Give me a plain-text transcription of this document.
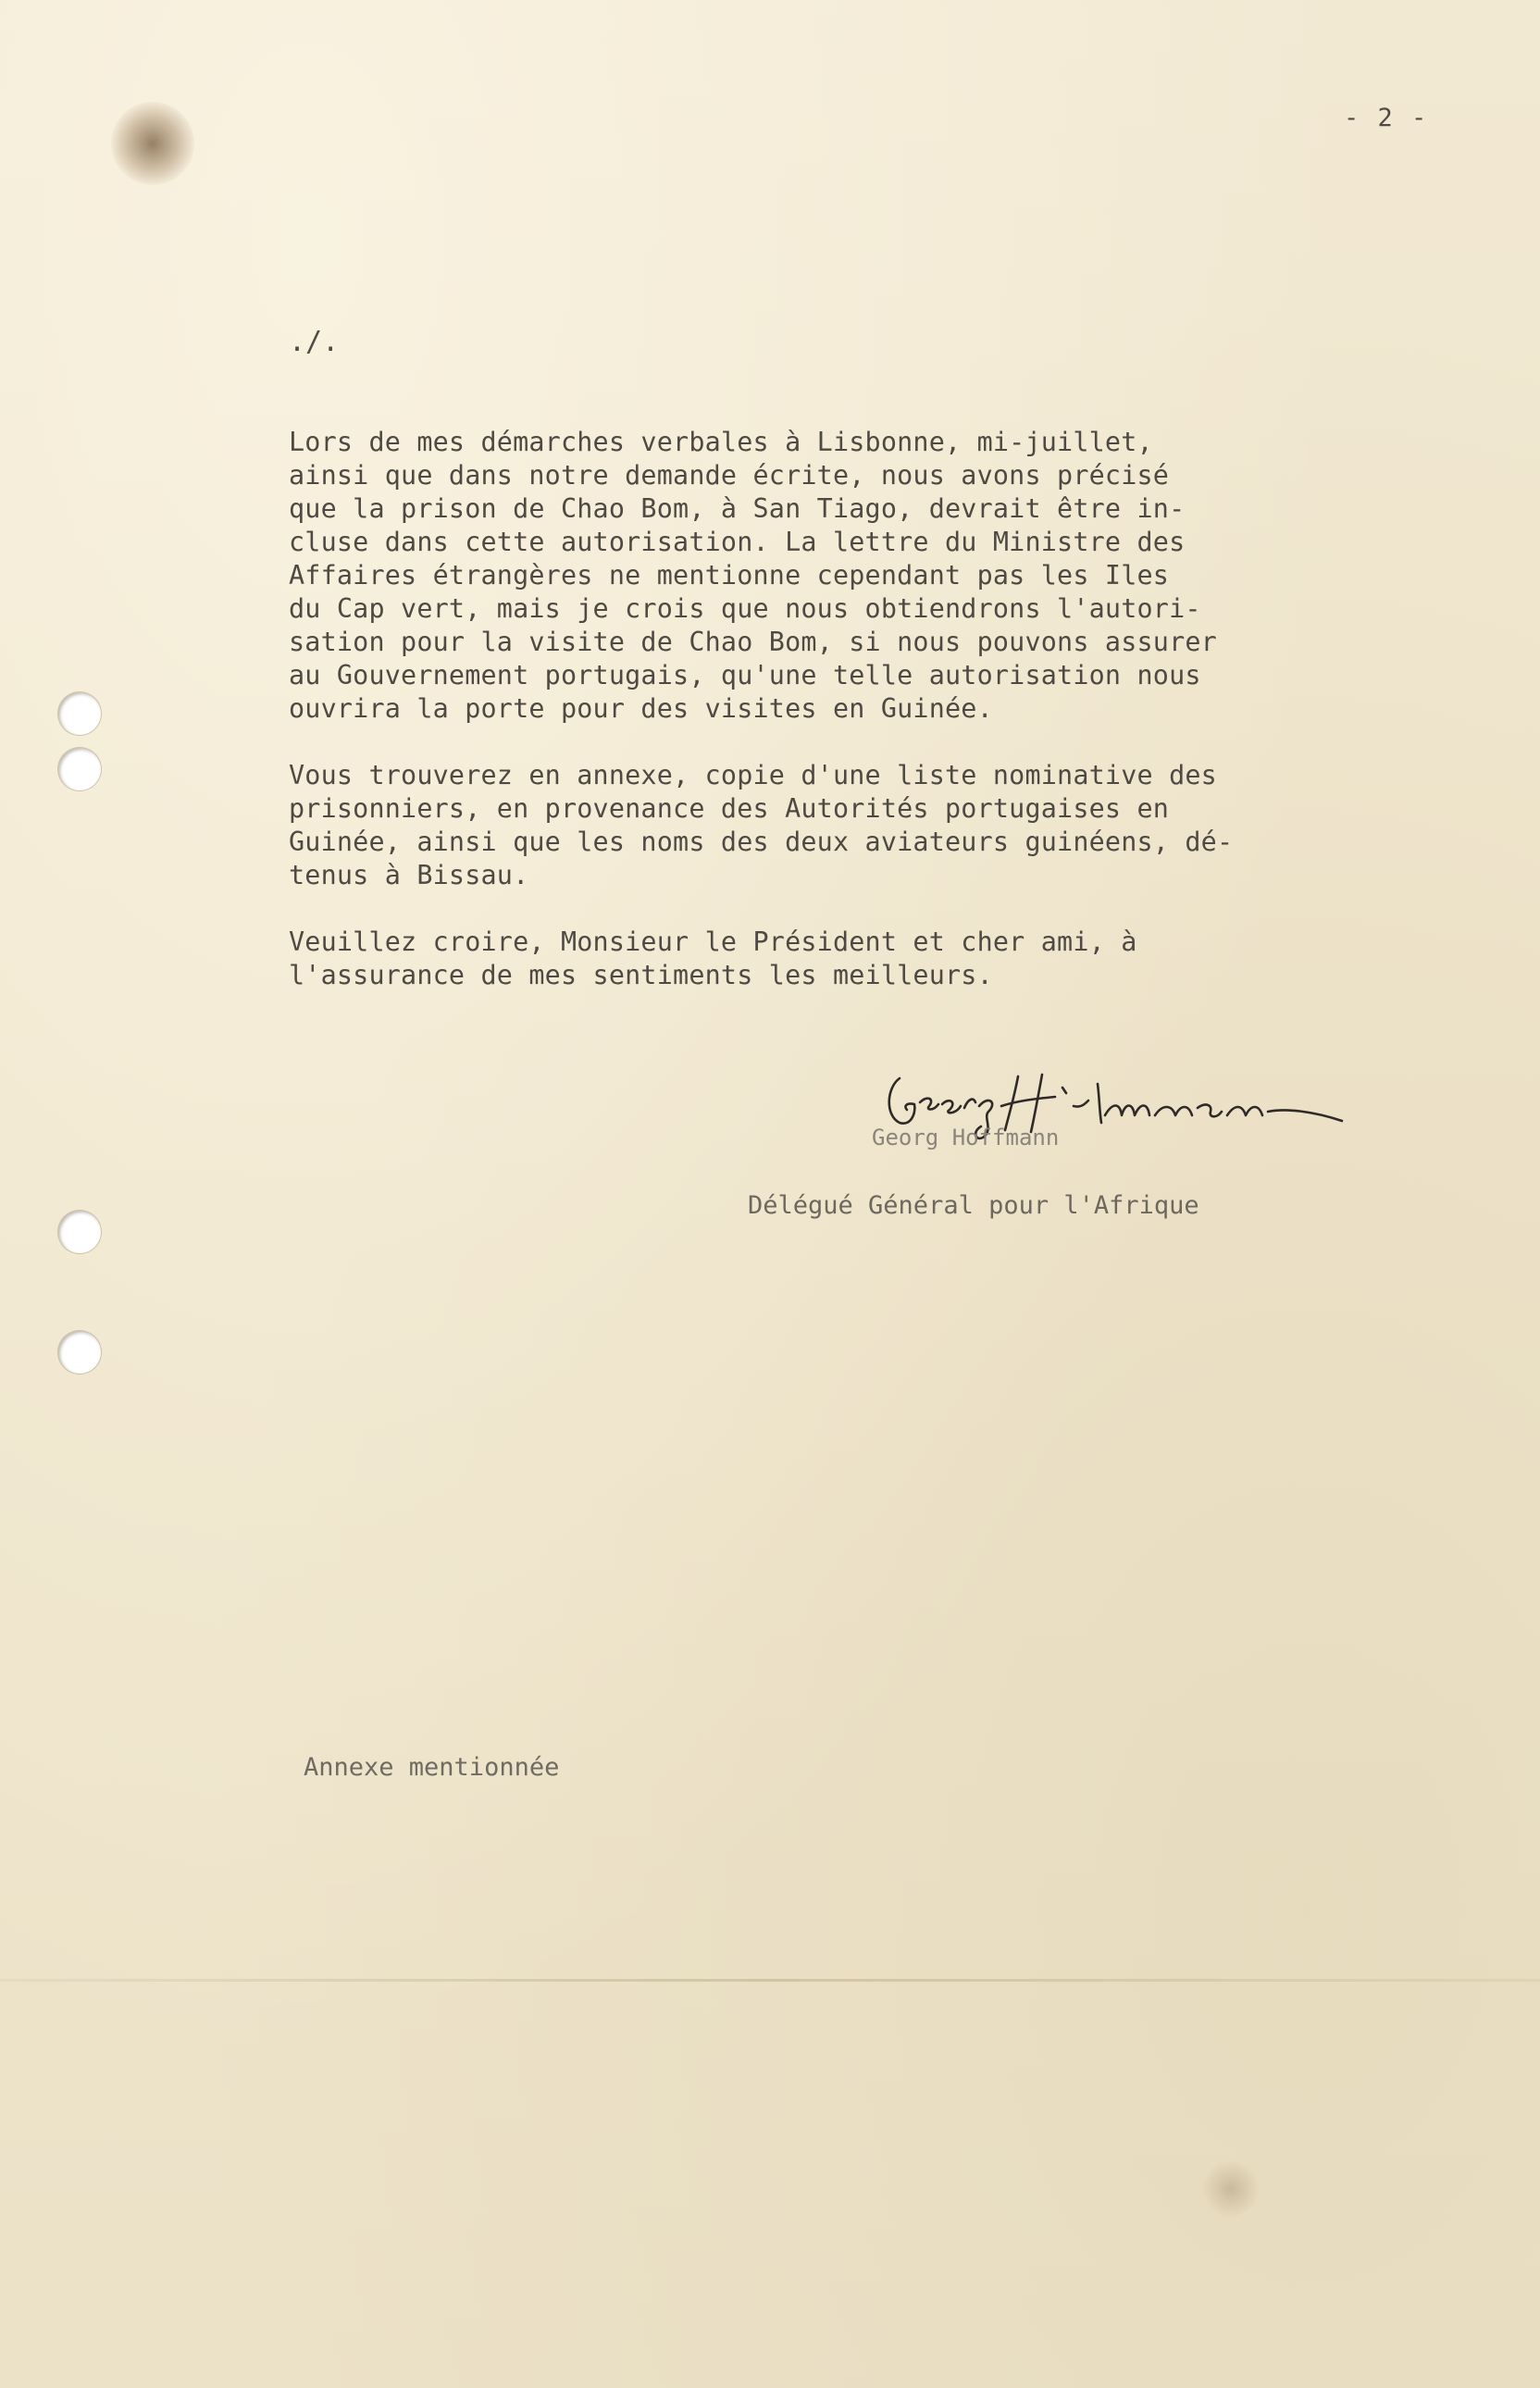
- 2 -
./.
Lors de mes démarches verbales à Lisbonne, mi-juillet,
ainsi que dans notre demande écrite, nous avons précisé
que la prison de Chao Bom, à San Tiago, devrait être in-
cluse dans cette autorisation. La lettre du Ministre des
Affaires étrangères ne mentionne cependant pas les Iles
du Cap vert, mais je crois que nous obtiendrons l'autori-
sation pour la visite de Chao Bom, si nous pouvons assurer
au Gouvernement portugais, qu'une telle autorisation nous
ouvrira la porte pour des visites en Guinée.
Vous trouverez en annexe, copie d'une liste nominative des
prisonniers, en provenance des Autorités portugaises en
Guinée, ainsi que les noms des deux aviateurs guinéens, dé-
tenus à Bissau.
Veuillez croire, Monsieur le Président et cher ami, à
l'assurance de mes sentiments les meilleurs.
Georg Hoffmann
Délégué Général pour l'Afrique
Annexe mentionnée
